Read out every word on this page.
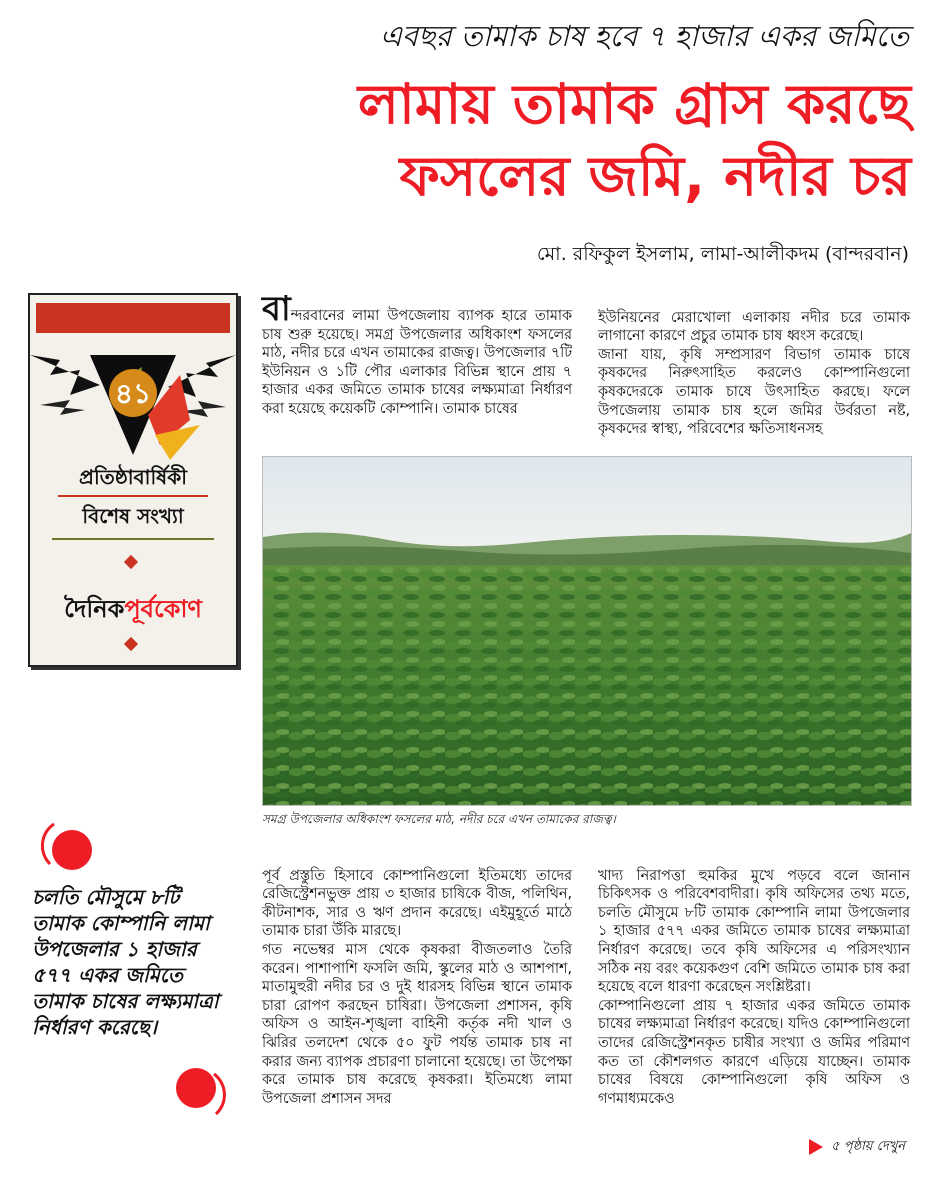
এবছর তামাক চাষ হবে ৭ হাজার একর জমিতে
লামায় তামাক গ্রাস করছে
ফসলের জমি, নদীর চর
মো. রফিকুল ইসলাম, লামা-আলীকদম (বান্দরবান)
৪১
প্রতিষ্ঠাবার্ষিকী
বিশেষ সংখ্যা
দৈনিকপূর্বকোণ

বান্দরবানের লামা উপজেলায় ব্যাপক হারে তামাক চাষ শুরু হয়েছে। সমগ্র উপজেলার অধিকাংশ ফসলের মাঠ, নদীর চরে এখন তামাকের রাজত্ব। উপজেলার ৭টি ইউনিয়ন ও ১টি পৌর এলাকার বিভিন্ন স্থানে প্রায় ৭ হাজার একর জমিতে তামাক চাষের লক্ষ্যমাত্রা নির্ধারণ করা হয়েছে কয়েকটি কোম্পানি। তামাক চাষের

ইউনিয়নের মেরাখোলা এলাকায় নদীর চরে তামাক লাগানো কারণে প্রচুর তামাক চাষ ধ্বংস করেছে।
জানা যায়, কৃষি সম্প্রসারণ বিভাগ তামাক চাষে কৃষকদের নিরুৎসাহিত করলেও কোম্পানিগুলো কৃষকদেরকে তামাক চাষে উৎসাহিত করছে। ফলে উপজেলায় তামাক চাষ হলে জমির উর্বরতা নষ্ট, কৃষকদের স্বাস্থ্য, পরিবেশের ক্ষতিসাধনসহ

সমগ্র উপজেলার অধিকাংশ ফসলের মাঠ, নদীর চরে এখন তামাকের রাজত্ব।
চলতি মৌসুমে ৮টি তামাক কোম্পানি লামা উপজেলার ১ হাজার ৫৭৭ একর জমিতে তামাক চাষের লক্ষ্যমাত্রা নির্ধারণ করেছে।

পূর্ব প্রস্তুতি হিসাবে কোম্পানিগুলো ইতিমধ্যে তাদের রেজিস্ট্রেশনভুক্ত প্রায় ৩ হাজার চাষিকে বীজ, পলিথিন, কীটনাশক, সার ও ঋণ প্রদান করেছে। এইমুহূর্তে মাঠে তামাক চারা উঁকি মারছে।
গত নভেম্বর মাস থেকে কৃষকরা বীজতলাও তৈরি করেন। পাশাপাশি ফসলি জমি, স্কুলের মাঠ ও আশপাশ, মাতামুহুরী নদীর চর ও দুই ধারসহ বিভিন্ন স্থানে তামাক চারা রোপণ করছেন চাষিরা। উপজেলা প্রশাসন, কৃষি অফিস ও আইন-শৃঙ্খলা বাহিনী কর্তৃক নদী খাল ও ঝিরির তলদেশ থেকে ৫০ ফুট পর্যন্ত তামাক চাষ না করার জন্য ব্যাপক প্রচারণা চালানো হয়েছে। তা উপেক্ষা করে তামাক চাষ করেছে কৃষকরা। ইতিমধ্যে লামা উপজেলা প্রশাসন সদর

খাদ্য নিরাপত্তা হুমকির মুখে পড়বে বলে জানান চিকিৎসক ও পরিবেশবাদীরা। কৃষি অফিসের তথ্য মতে, চলতি মৌসুমে ৮টি তামাক কোম্পানি লামা উপজেলার ১ হাজার ৫৭৭ একর জমিতে তামাক চাষের লক্ষ্যমাত্রা নির্ধারণ করেছে। তবে কৃষি অফিসের এ পরিসংখ্যান সঠিক নয় বরং কয়েকগুণ বেশি জমিতে তামাক চাষ করা হয়েছে বলে ধারণা করেছেন সংশ্লিষ্টরা।
কোম্পানিগুলো প্রায় ৭ হাজার একর জমিতে তামাক চাষের লক্ষ্যমাত্রা নির্ধারণ করেছে। যদিও কোম্পানিগুলো তাদের রেজিস্ট্রেশনকৃত চাষীর সংখ্যা ও জমির পরিমাণ কত তা কৌশলগত কারণে এড়িয়ে যাচ্ছেন। তামাক চাষের বিষয়ে কোম্পানিগুলো কৃষি অফিস ও গণমাধ্যমকেও

৫ পৃষ্ঠায় দেখুন
